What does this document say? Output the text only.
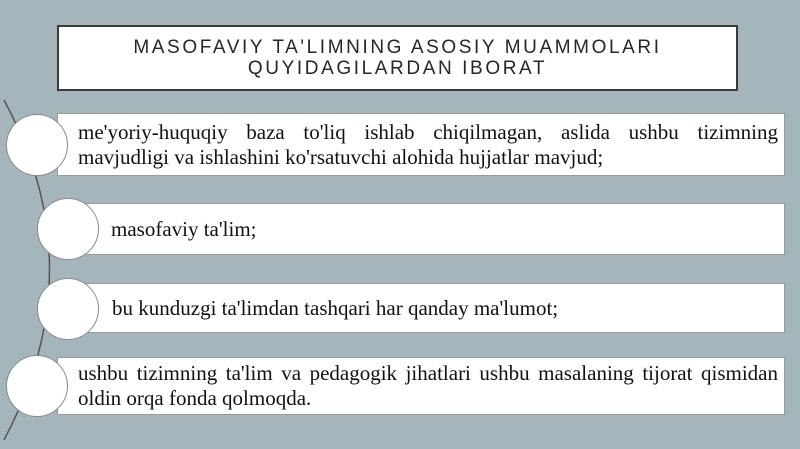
MASOFAVIY TA'LIMNING ASOSIY MUAMMOLARI
QUYIDAGILARDAN IBORAT
me'yoriy-huquqiy baza to'liq ishlab chiqilmagan, aslida ushbu tizimning mavjudligi va ishlashini ko'rsatuvchi alohida hujjatlar mavjud;
masofaviy ta'lim;
bu kunduzgi ta'limdan tashqari har qanday ma'lumot;
ushbu tizimning ta'lim va pedagogik jihatlari ushbu masalaning tijorat qismidan oldin orqa fonda qolmoqda.
